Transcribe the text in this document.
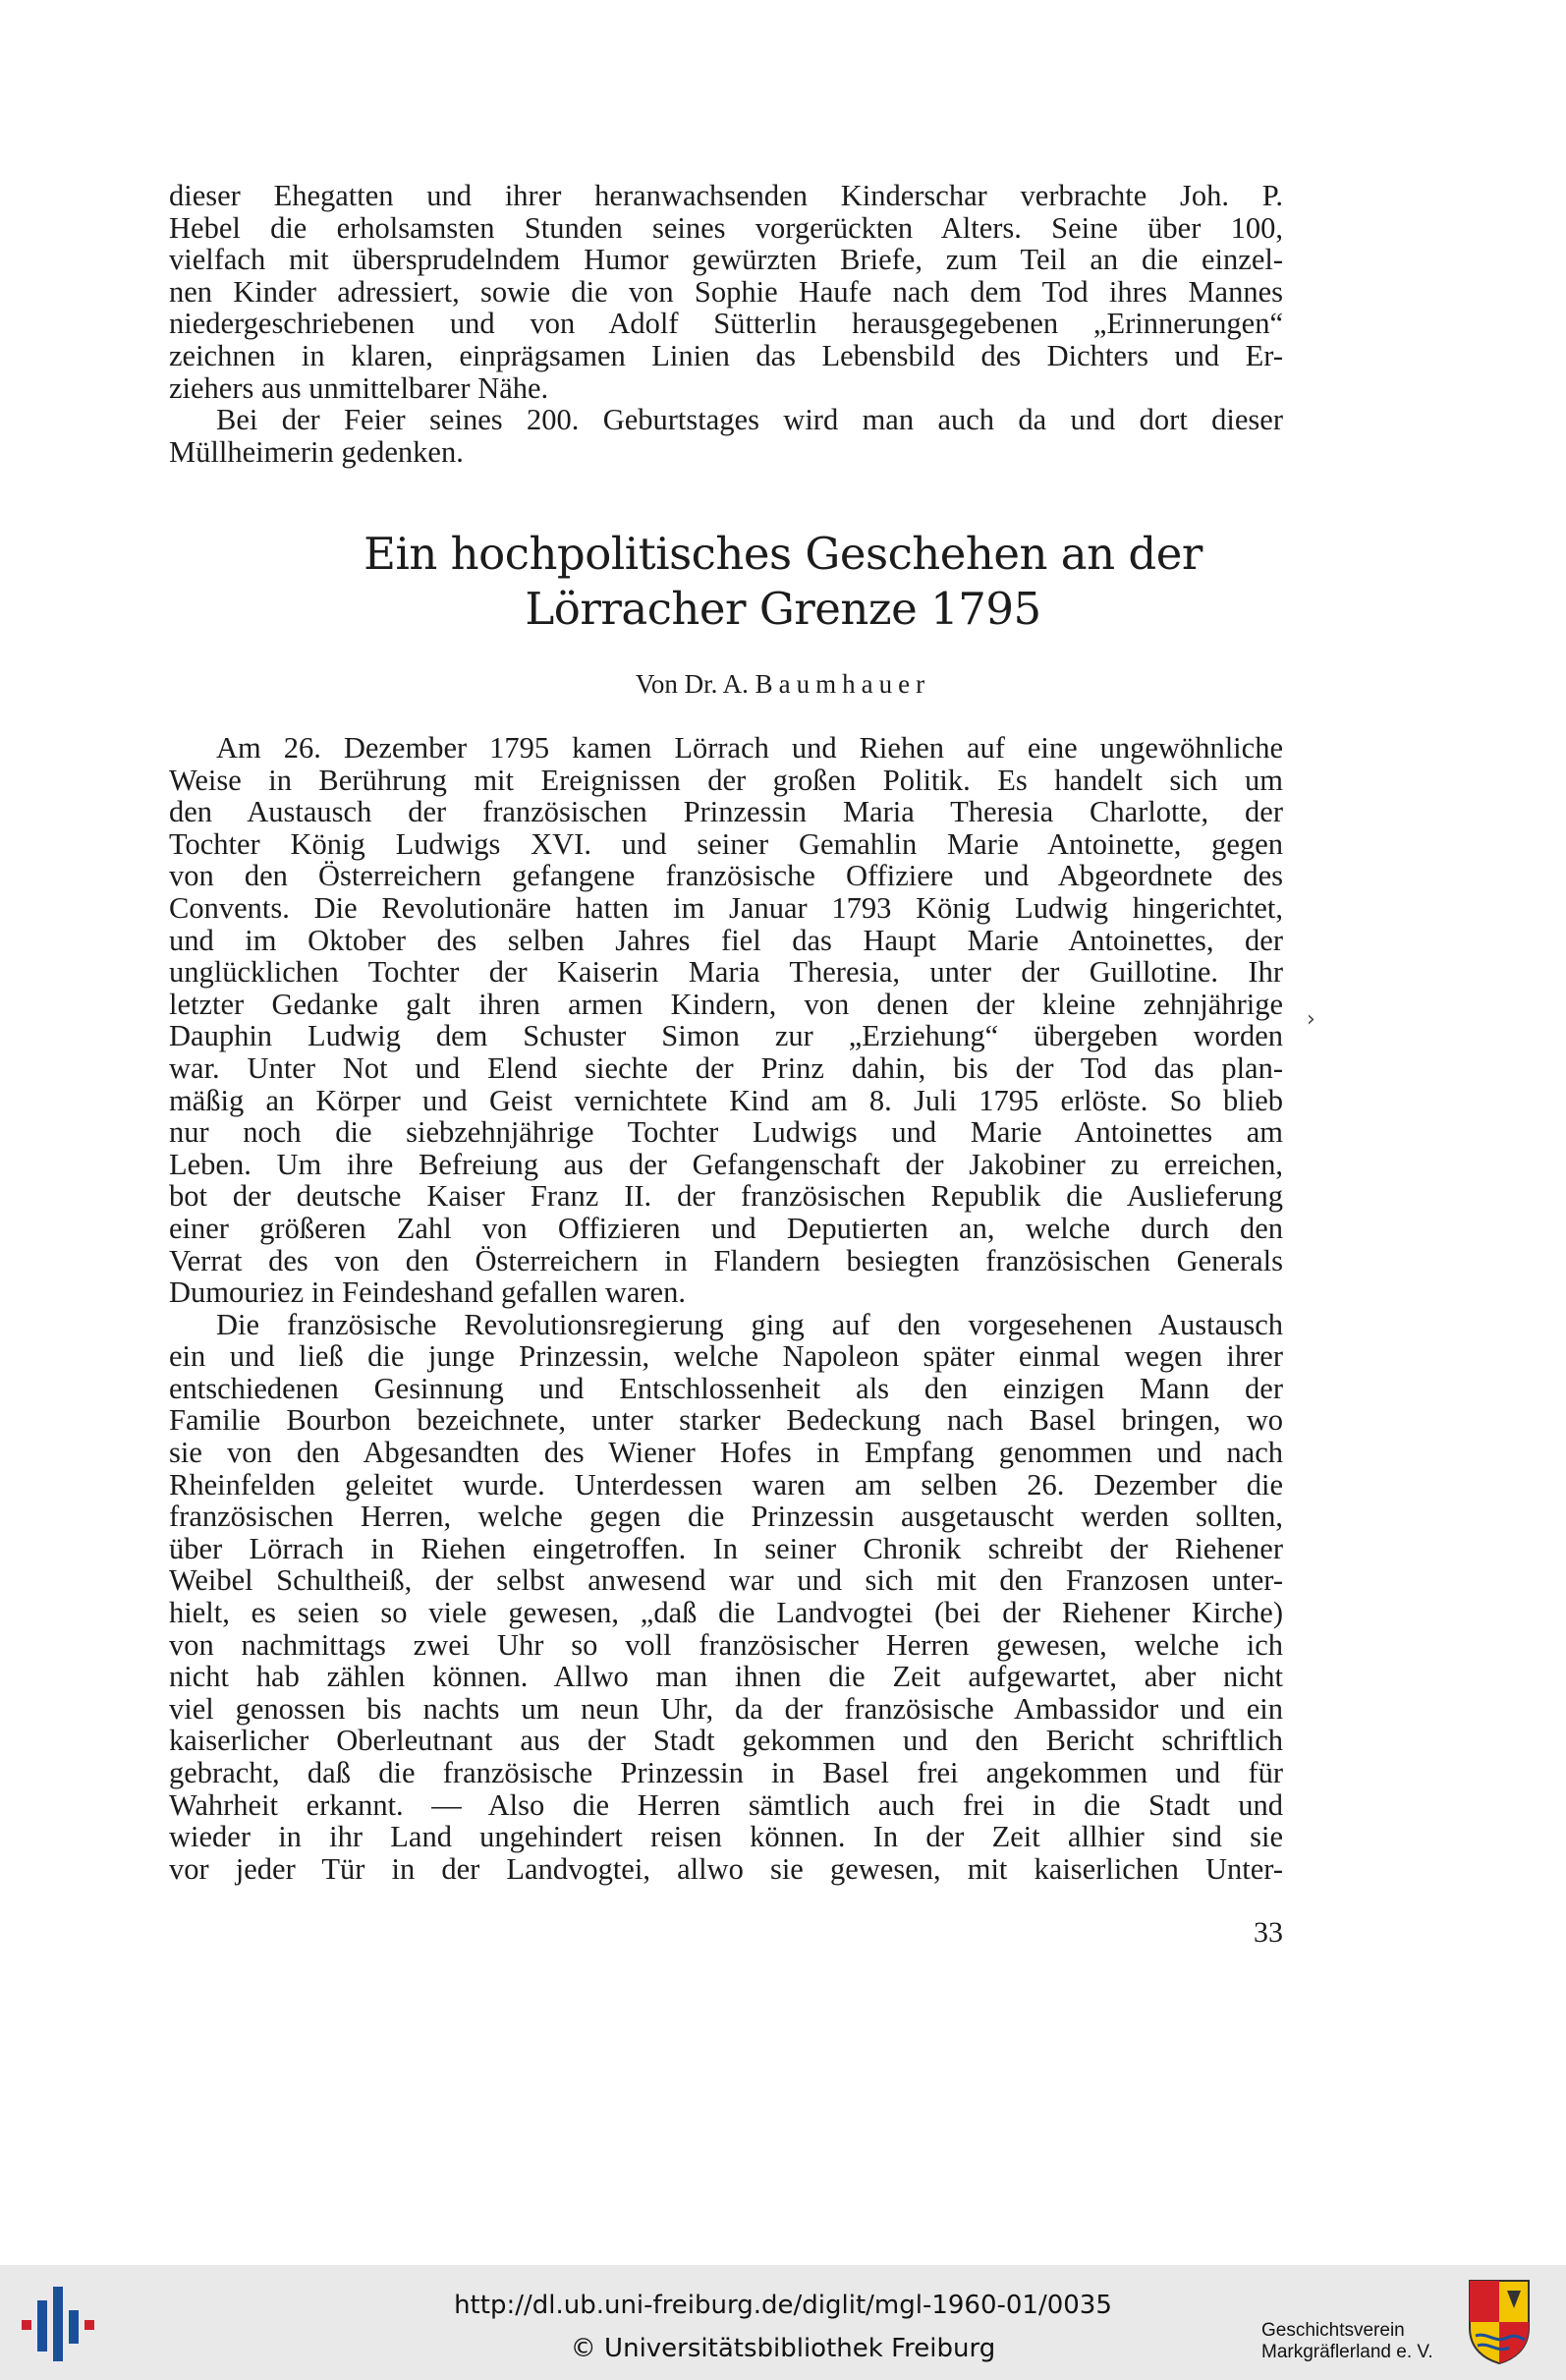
dieser Ehegatten und ihrer heranwachsenden Kinderschar verbrachte Joh. P.
Hebel die erholsamsten Stunden seines vorgerückten Alters. Seine über 100,
vielfach mit übersprudelndem Humor gewürzten Briefe, zum Teil an die einzel-
nen Kinder adressiert, sowie die von Sophie Haufe nach dem Tod ihres Mannes
niedergeschriebenen und von Adolf Sütterlin herausgegebenen „Erinnerungen“
zeichnen in klaren, einprägsamen Linien das Lebensbild des Dichters und Er-
ziehers aus unmittelbarer Nähe.

Bei der Feier seines 200. Geburtstages wird man auch da und dort dieser
Müllheimerin gedenken.

Ein hochpolitisches Geschehen an der
Lörracher Grenze 1795
Von Dr. A. Baumhauer

Am 26. Dezember 1795 kamen Lörrach und Riehen auf eine ungewöhnliche
Weise in Berührung mit Ereignissen der großen Politik. Es handelt sich um
den Austausch der französischen Prinzessin Maria Theresia Charlotte, der
Tochter König Ludwigs XVI. und seiner Gemahlin Marie Antoinette, gegen
von den Österreichern gefangene französische Offiziere und Abgeordnete des
Convents. Die Revolutionäre hatten im Januar 1793 König Ludwig hingerichtet,
und im Oktober des selben Jahres fiel das Haupt Marie Antoinettes, der
unglücklichen Tochter der Kaiserin Maria Theresia, unter der Guillotine. Ihr
letzter Gedanke galt ihren armen Kindern, von denen der kleine zehnjährige
Dauphin Ludwig dem Schuster Simon zur „Erziehung“ übergeben worden
war. Unter Not und Elend siechte der Prinz dahin, bis der Tod das plan-
mäßig an Körper und Geist vernichtete Kind am 8. Juli 1795 erlöste. So blieb
nur noch die siebzehnjährige Tochter Ludwigs und Marie Antoinettes am
Leben. Um ihre Befreiung aus der Gefangenschaft der Jakobiner zu erreichen,
bot der deutsche Kaiser Franz II. der französischen Republik die Auslieferung
einer größeren Zahl von Offizieren und Deputierten an, welche durch den
Verrat des von den Österreichern in Flandern besiegten französischen Generals
Dumouriez in Feindeshand gefallen waren.

Die französische Revolutionsregierung ging auf den vorgesehenen Austausch
ein und ließ die junge Prinzessin, welche Napoleon später einmal wegen ihrer
entschiedenen Gesinnung und Entschlossenheit als den einzigen Mann der
Familie Bourbon bezeichnete, unter starker Bedeckung nach Basel bringen, wo
sie von den Abgesandten des Wiener Hofes in Empfang genommen und nach
Rheinfelden geleitet wurde. Unterdessen waren am selben 26. Dezember die
französischen Herren, welche gegen die Prinzessin ausgetauscht werden sollten,
über Lörrach in Riehen eingetroffen. In seiner Chronik schreibt der Riehener
Weibel Schultheiß, der selbst anwesend war und sich mit den Franzosen unter-
hielt, es seien so viele gewesen, „daß die Landvogtei (bei der Riehener Kirche)
von nachmittags zwei Uhr so voll französischer Herren gewesen, welche ich
nicht hab zählen können. Allwo man ihnen die Zeit aufgewartet, aber nicht
viel genossen bis nachts um neun Uhr, da der französische Ambassidor und ein
kaiserlicher Oberleutnant aus der Stadt gekommen und den Bericht schriftlich
gebracht, daß die französische Prinzessin in Basel frei angekommen und für
Wahrheit erkannt. — Also die Herren sämtlich auch frei in die Stadt und
wieder in ihr Land ungehindert reisen können. In der Zeit allhier sind sie
vor jeder Tür in der Landvogtei, allwo sie gewesen, mit kaiserlichen Unter-

›
33
http://dl.ub.uni-freiburg.de/diglit/mgl-1960-01/0035
© Universitätsbibliothek Freiburg
Geschichtsverein
Markgräflerland e. V.
